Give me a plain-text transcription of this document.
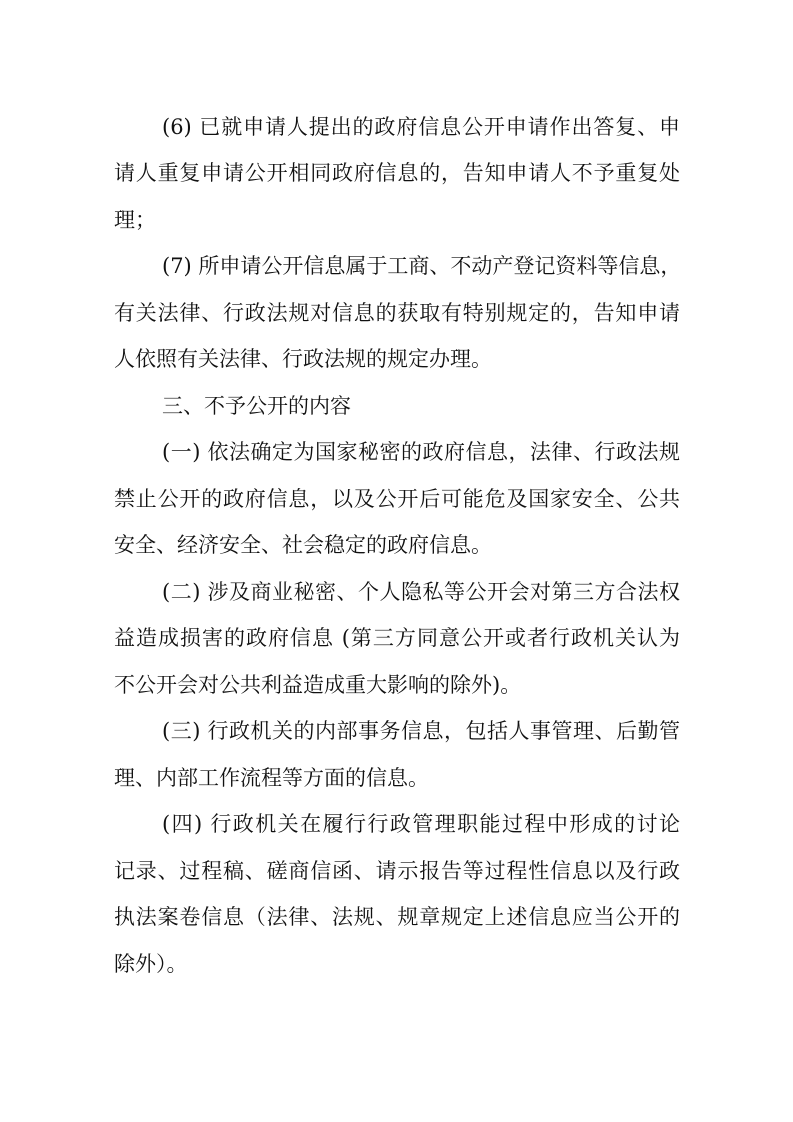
(6) 已就申请人提出的政府信息公开申请作出答复、申
请人重复申请公开相同政府信息的，告知申请人不予重复处
理；
(7) 所申请公开信息属于工商、不动产登记资料等信息，
有关法律、行政法规对信息的获取有特别规定的，告知申请
人依照有关法律、行政法规的规定办理。
三、不予公开的内容
(一) 依法确定为国家秘密的政府信息，法律、行政法规
禁止公开的政府信息，以及公开后可能危及国家安全、公共
安全、经济安全、社会稳定的政府信息。
(二) 涉及商业秘密、个人隐私等公开会对第三方合法权
益造成损害的政府信息 (第三方同意公开或者行政机关认为
不公开会对公共利益造成重大影响的除外)。
(三) 行政机关的内部事务信息，包括人事管理、后勤管
理、内部工作流程等方面的信息。
(四) 行政机关在履行行政管理职能过程中形成的讨论
记录、过程稿、磋商信函、请示报告等过程性信息以及行政
执法案卷信息（法律、法规、规章规定上述信息应当公开的
除外）。
